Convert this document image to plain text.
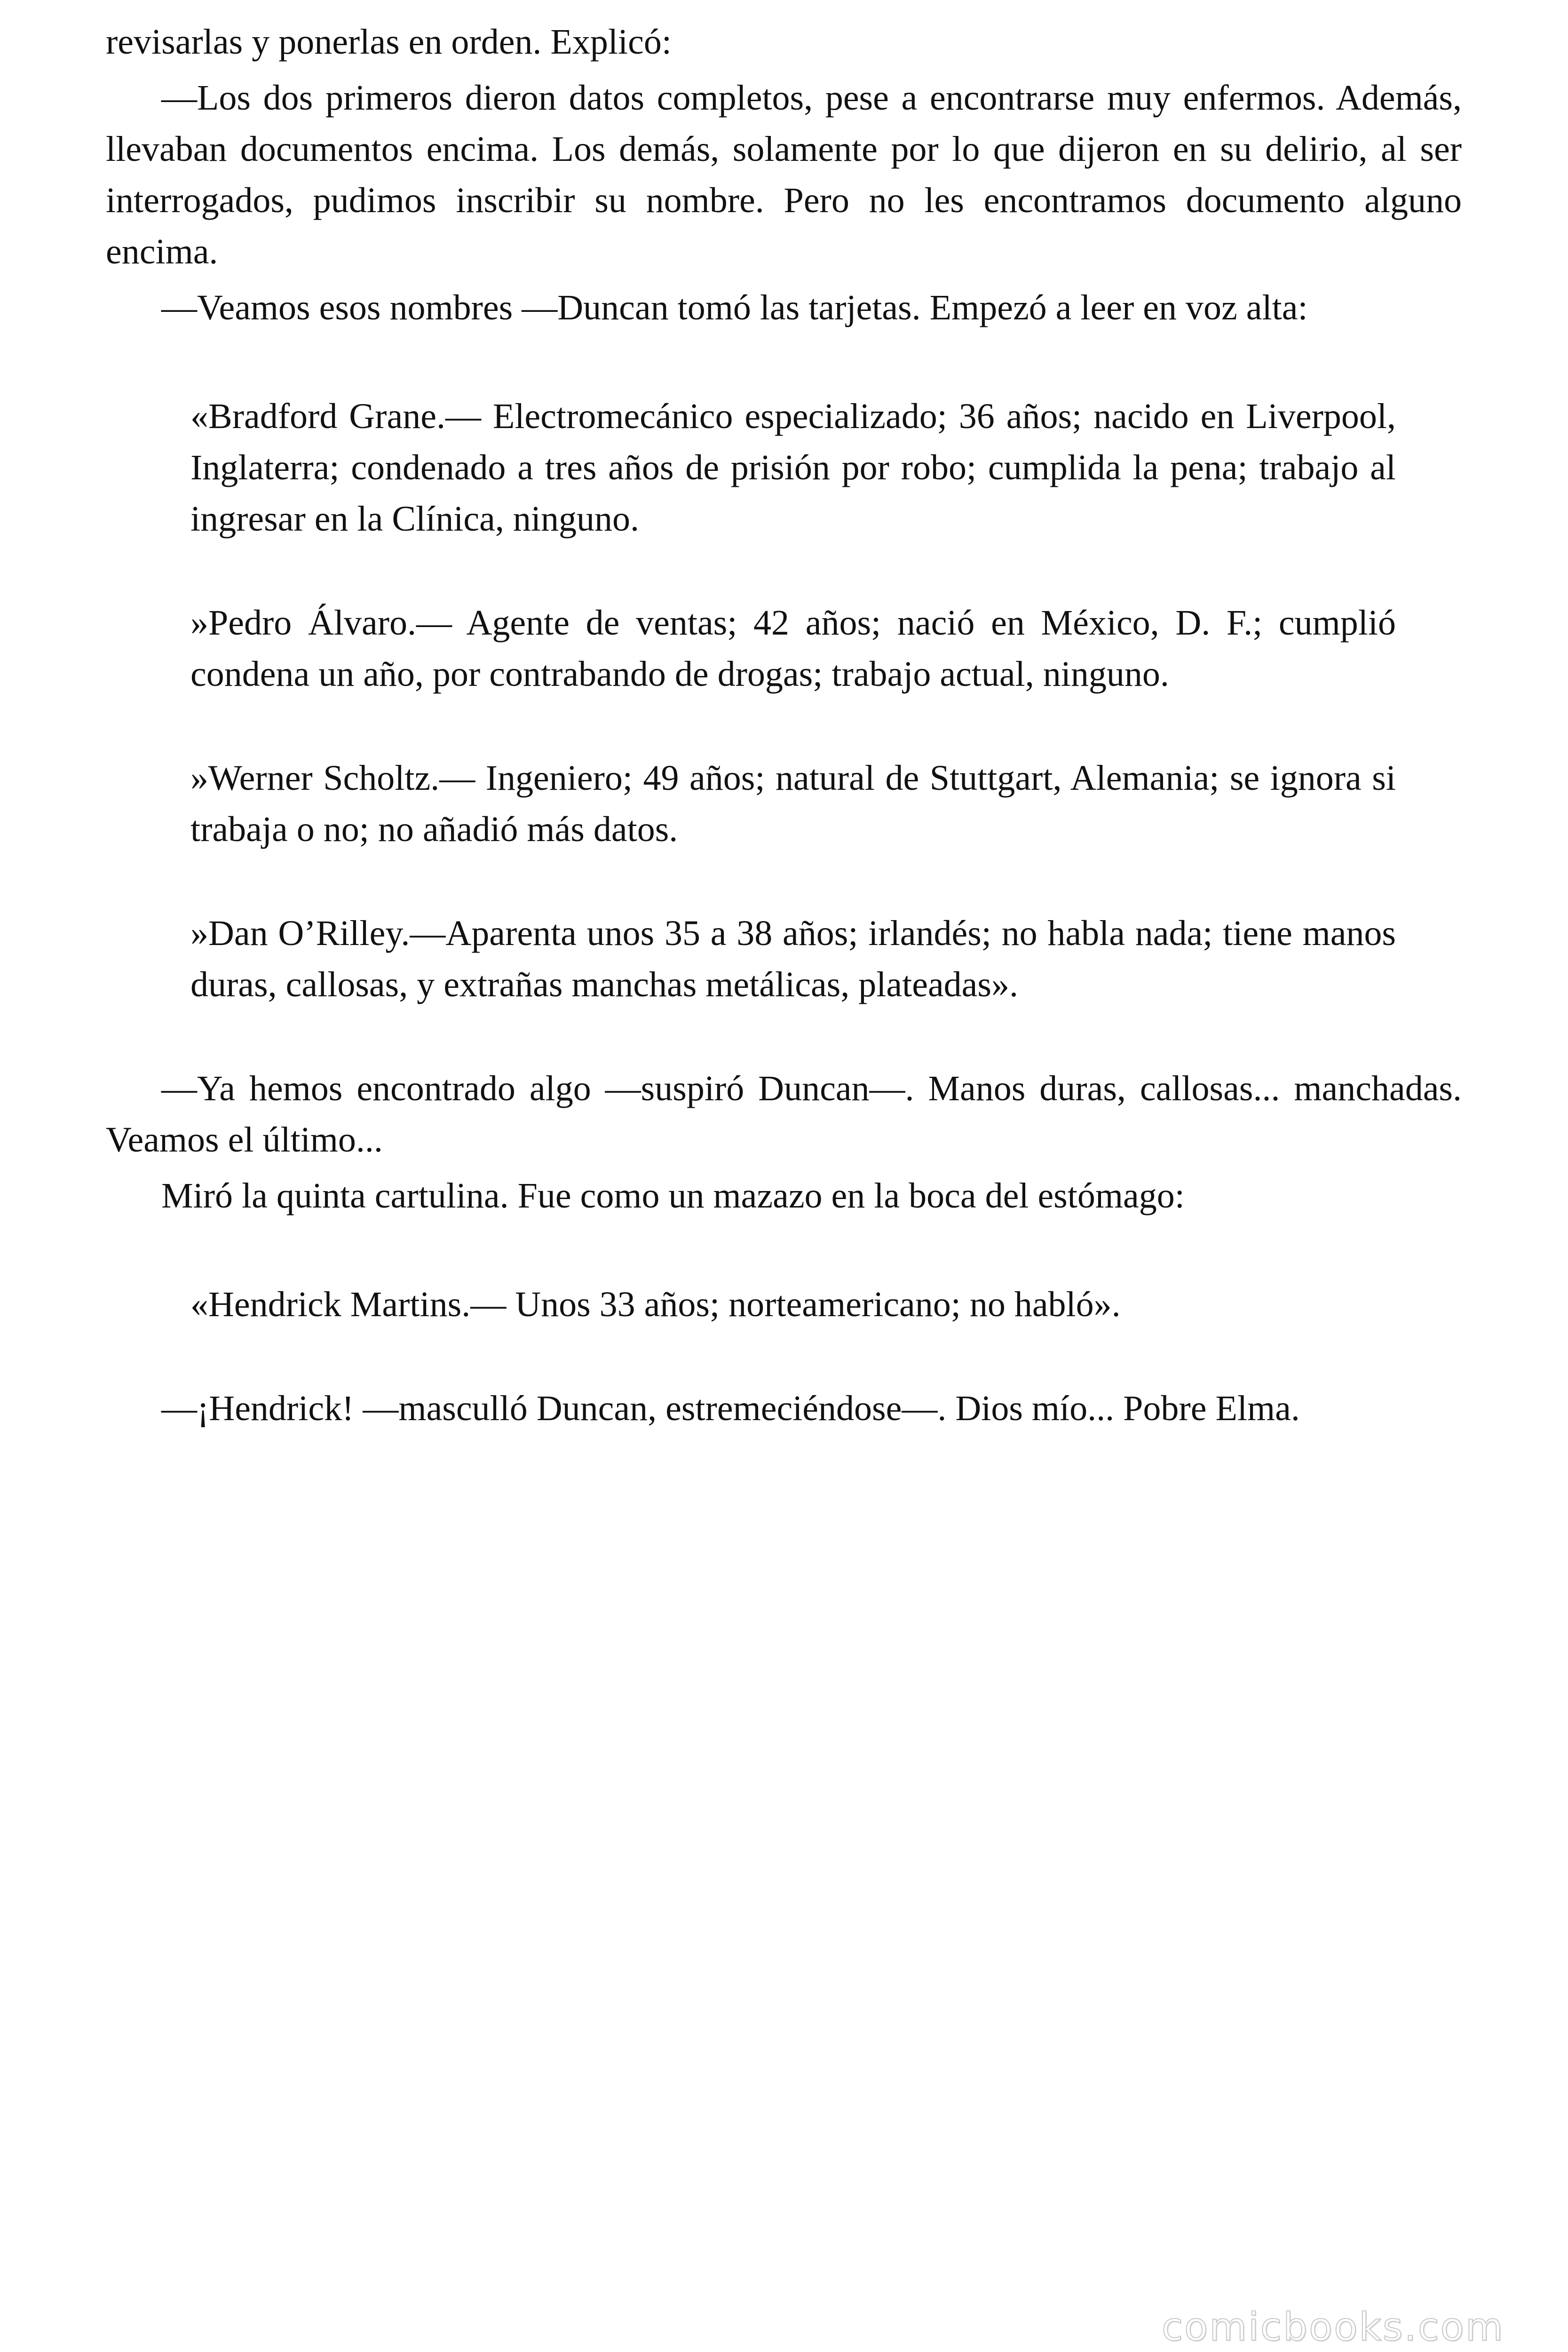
revisarlas y ponerlas en orden. Explicó:

—Los dos primeros dieron datos completos, pese a encontrarse muy enfermos. Además, llevaban documentos encima. Los demás, solamente por lo que dijeron en su delirio, al ser interrogados, pudimos inscribir su nombre. Pero no les encontramos documento alguno encima.

—Veamos esos nombres —Duncan tomó las tarjetas. Empezó a leer en voz alta:

«Bradford Grane.— Electromecánico especializado; 36 años; nacido en Liverpool, Inglaterra; condenado a tres años de prisión por robo; cumplida la pena; trabajo al ingresar en la Clínica, ninguno.

»Pedro Álvaro.— Agente de ventas; 42 años; nació en México, D. F.; cumplió condena un año, por contrabando de drogas; trabajo actual, ninguno.

»Werner Scholtz.— Ingeniero; 49 años; natural de Stuttgart, Alemania; se ignora si trabaja o no; no añadió más datos.

»Dan O’Rilley.—Aparenta unos 35 a 38 años; irlandés; no habla nada; tiene manos duras, callosas, y extrañas manchas metálicas, plateadas».

—Ya hemos encontrado algo —suspiró Duncan—. Manos duras, callosas... manchadas. Veamos el último...

Miró la quinta cartulina. Fue como un mazazo en la boca del estómago:

«Hendrick Martins.— Unos 33 años; norteamericano; no habló».

—¡Hendrick! —masculló Duncan, estremeciéndose—. Dios mío... Pobre Elma.

comicbooks.com
